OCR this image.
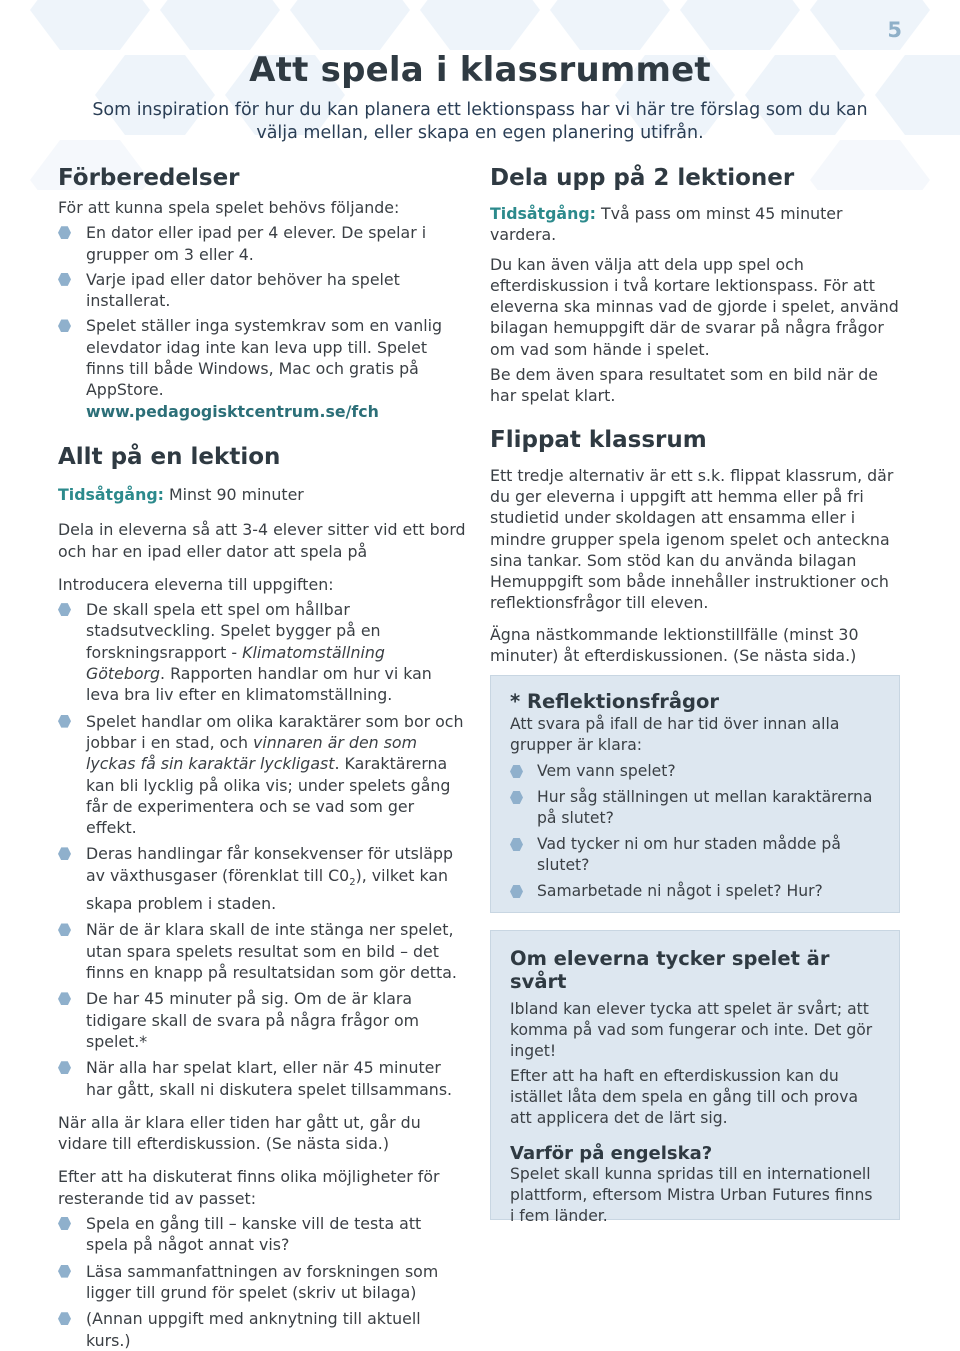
5
Att spela i klassrummet
Som inspiration för hur du kan planera ett lektionspass har vi här tre förslag som du kan välja mellan, eller skapa en egen planering utifrån.
Förberedelser

För att kunna spela spelet behövs följande:

En dator eller ipad per 4 elever. De spelar i grupper om 3 eller 4.
Varje ipad eller dator behöver ha spelet installerat.
Spelet ställer inga systemkrav som en vanlig elevdator idag inte kan leva upp till. Spelet finns till både Windows, Mac och gratis på AppStore.
www.pedagogisktcentrum.se/fch
Allt på en lektion

Tidsåtgång: Minst 90 minuter

Dela in eleverna så att 3-4 elever sitter vid ett bord och har en ipad eller dator att spela på

Introducera eleverna till uppgiften:

De skall spela ett spel om hållbar stadsutveckling. Spelet bygger på en forskningsrapport - Klimatomställning Göteborg. Rapporten handlar om hur vi kan leva bra liv efter en klimatomställning.
Spelet handlar om olika karaktärer som bor och jobbar i en stad, och vinnaren är den som lyckas få sin karaktär lyckligast. Karaktärerna kan bli lycklig på olika vis; under spelets gång får de experimentera och se vad som ger effekt.
Deras handlingar får konsekvenser för utsläpp av växthusgaser (förenklat till $C0_2$), vilket kan skapa problem i staden.
När de är klara skall de inte stänga ner spelet, utan spara spelets resultat som en bild – det finns en knapp på resultatsidan som gör detta.
De har 45 minuter på sig. Om de är klara tidigare skall de svara på några frågor om spelet.*
När alla har spelat klart, eller när 45 minuter har gått, skall ni diskutera spelet tillsammans.

När alla är klara eller tiden har gått ut, går du vidare till efterdiskussion. (Se nästa sida.)

Efter att ha diskuterat finns olika möjligheter för resterande tid av passet:

Spela en gång till – kanske vill de testa att spela på något annat vis?
Läsa sammanfattningen av forskningen som ligger till grund för spelet (skriv ut bilaga)
(Annan uppgift med anknytning till aktuell kurs.)
Dela upp på 2 lektioner

Tidsåtgång: Två pass om minst 45 minuter vardera.

Du kan även välja att dela upp spel och efterdiskussion i två kortare lektionspass. För att eleverna ska minnas vad de gjorde i spelet, använd bilagan hemuppgift där de svarar på några frågor om vad som hände i spelet.

Be dem även spara resultatet som en bild när de har spelat klart.

Flippat klassrum

Ett tredje alternativ är ett s.k. flippat klassrum, där du ger eleverna i uppgift att hemma eller på fri studietid under skoldagen att ensamma eller i mindre grupper spela igenom spelet och anteckna sina tankar. Som stöd kan du använda bilagan Hemuppgift som både innehåller instruktioner och reflektionsfrågor till eleven.

Ägna nästkommande lektionstillfälle (minst 30 minuter) åt efterdiskussionen. (Se nästa sida.)

* Reflektionsfrågor

Att svara på ifall de har tid över innan alla grupper är klara:

Vem vann spelet?
Hur såg ställningen ut mellan karaktärerna på slutet?
Vad tycker ni om hur staden mådde på slutet?
Samarbetade ni något i spelet? Hur?
Om eleverna tycker spelet är svårt

Ibland kan elever tycka att spelet är svårt; att komma på vad som fungerar och inte. Det gör inget!

Efter att ha haft en efterdiskussion kan du istället låta dem spela en gång till och prova att applicera det de lärt sig.

Varför på engelska?

Spelet skall kunna spridas till en internationell plattform, eftersom Mistra Urban Futures finns i fem länder.
